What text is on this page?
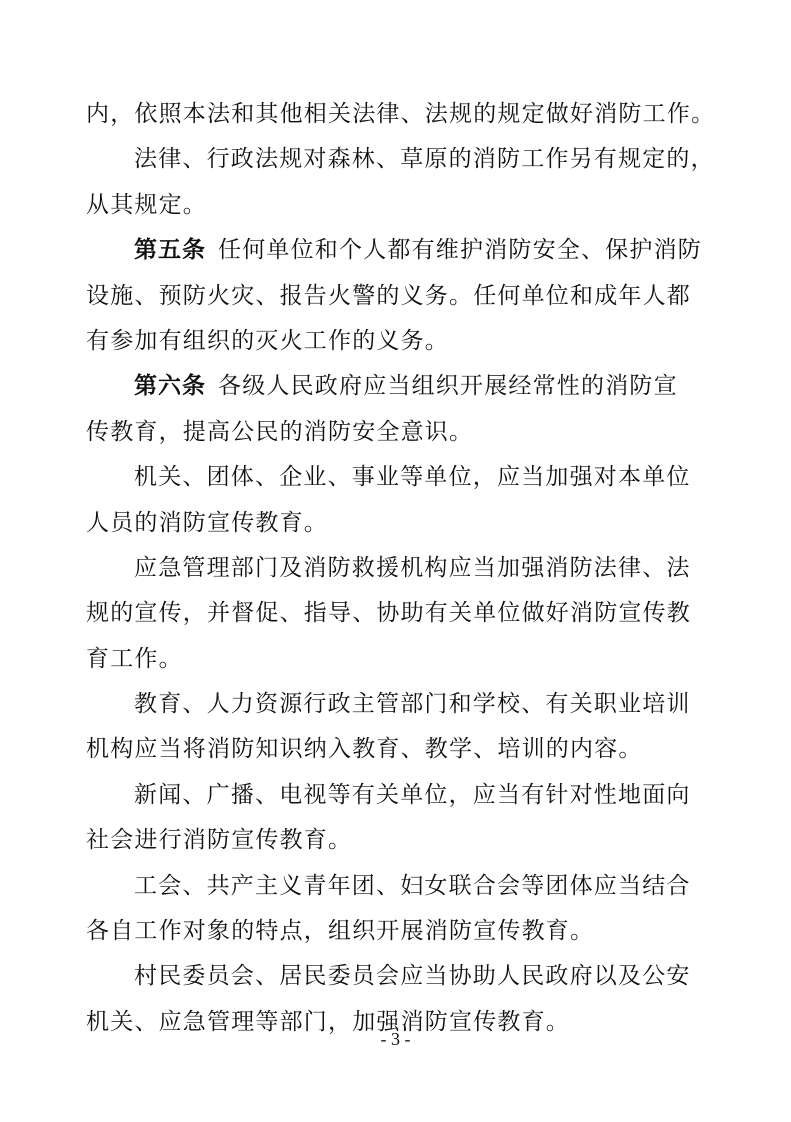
内，依照本法和其他相关法律、法规的规定做好消防工作。
法律、行政法规对森林、草原的消防工作另有规定的，
从其规定。
第五条 任何单位和个人都有维护消防安全、保护消防
设施、预防火灾、报告火警的义务。任何单位和成年人都
有参加有组织的灭火工作的义务。
第六条 各级人民政府应当组织开展经常性的消防宣
传教育，提高公民的消防安全意识。
机关、团体、企业、事业等单位，应当加强对本单位
人员的消防宣传教育。
应急管理部门及消防救援机构应当加强消防法律、法
规的宣传，并督促、指导、协助有关单位做好消防宣传教
育工作。
教育、人力资源行政主管部门和学校、有关职业培训
机构应当将消防知识纳入教育、教学、培训的内容。
新闻、广播、电视等有关单位，应当有针对性地面向
社会进行消防宣传教育。
工会、共产主义青年团、妇女联合会等团体应当结合
各自工作对象的特点，组织开展消防宣传教育。
村民委员会、居民委员会应当协助人民政府以及公安
机关、应急管理等部门，加强消防宣传教育。
- 3 -
